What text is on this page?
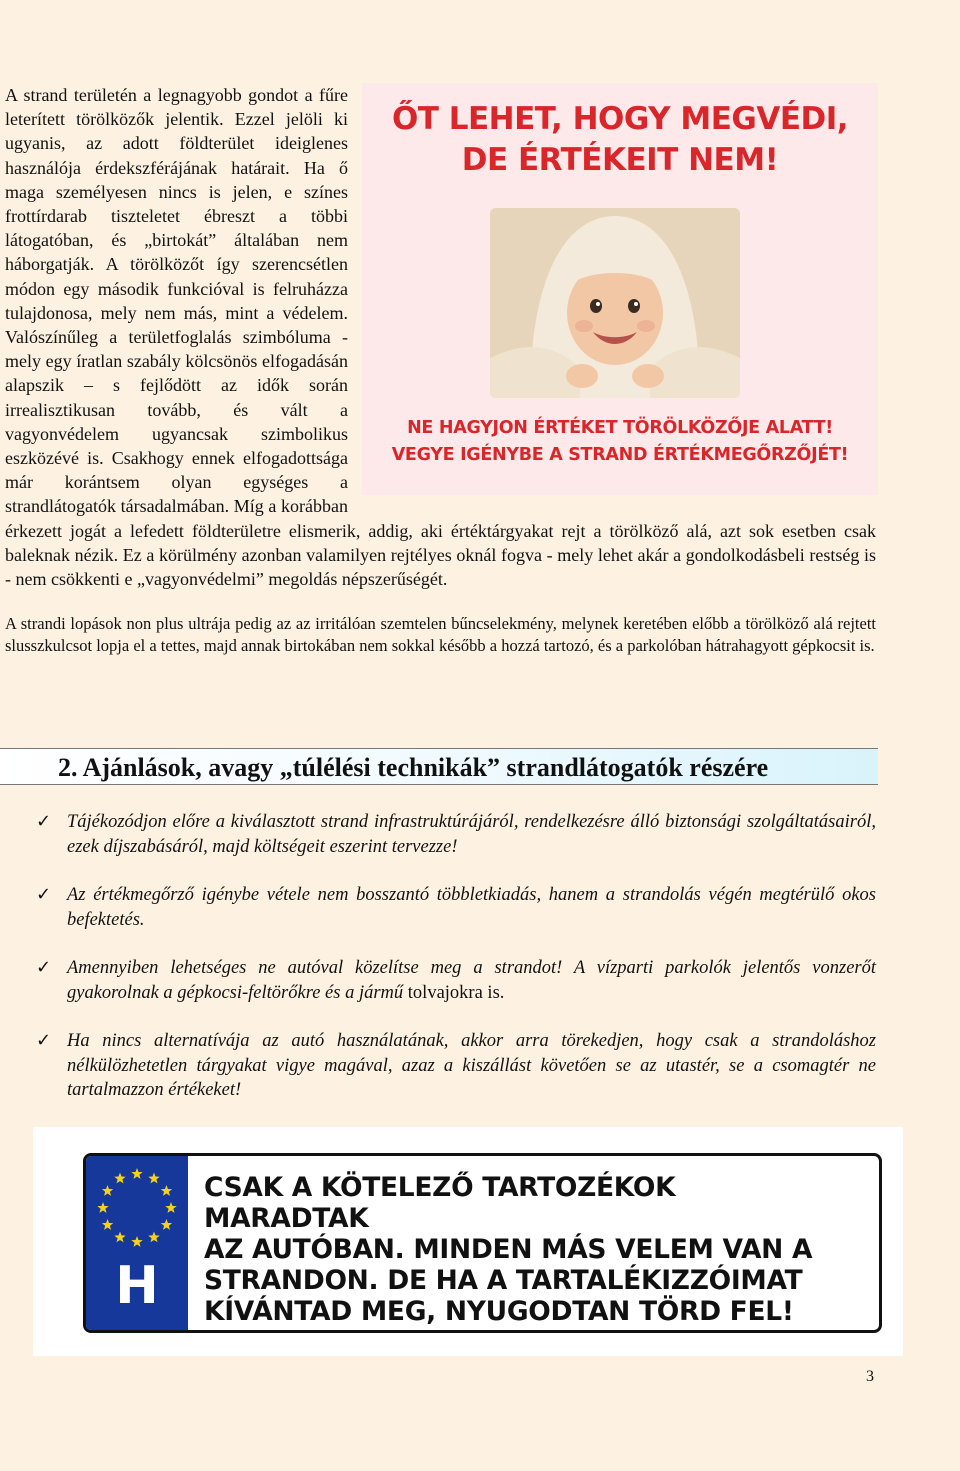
ŐT LEHET, HOGY MEGVÉDI,
DE ÉRTÉKEIT NEM!
NE HAGYJON ÉRTÉKET TÖRÖLKÖZŐJE ALATT!
VEGYE IGÉNYBE A STRAND ÉRTÉKMEGŐRZŐJÉT!

A strand területén a legnagyobb gondot a fűre leterített törölközők jelentik. Ezzel jelöli ki ugyanis, az adott földterület ideiglenes használója érdekszférájának határait. Ha ő maga személyesen nincs is jelen, e színes frottírdarab tiszteletet ébreszt a többi látogatóban, és „birtokát” általában nem háborgatják. A törölközőt így szerencsétlen módon egy második funkcióval is felruházza tulajdonosa, mely nem más, mint a védelem. Valószínűleg a területfoglalás szimbóluma - mely egy íratlan szabály kölcsönös elfogadásán alapszik – s fejlődött az idők során irrealisztikusan tovább, és vált a vagyonvédelem ugyancsak szimbolikus eszközévé is. Csakhogy ennek elfogadottsága már korántsem olyan egységes a strandlátogatók társadalmában. Míg a korábban érkezett jogát a lefedett földterületre elismerik, addig, aki értéktárgyakat rejt a törölköző alá, azt sok esetben csak baleknak nézik. Ez a körülmény azonban valamilyen rejtélyes oknál fogva - mely lehet akár a gondolkodásbeli restség is - nem csökkenti e „vagyonvédelmi” megoldás népszerűségét.

A strandi lopások non plus ultrája pedig az az irritálóan szemtelen bűncselekmény, melynek keretében előbb a törölköző alá rejtett slusszkulcsot lopja el a tettes, majd annak birtokában nem sokkal később a hozzá tartozó, és a parkolóban hátrahagyott gépkocsit is.

2. Ajánlások, avagy „túlélési technikák” strandlátogatók részére
✓ Tájékozódjon előre a kiválasztott strand infrastruktúrájáról, rendelkezésre álló biztonsági szolgáltatásairól, ezek díjszabásáról, majd költségeit eszerint tervezze!
✓ Az értékmegőrző igénybe vétele nem bosszantó többletkiadás, hanem a strandolás végén megtérülő okos befektetés.
✓ Amennyiben lehetséges ne autóval közelítse meg a strandot! A vízparti parkolók jelentős vonzerőt gyakorolnak a gépkocsi-feltörőkre és a jármű tolvajokra is.
✓ Ha nincs alternatívája az autó használatának, akkor arra törekedjen, hogy csak a strandoláshoz nélkülözhetetlen tárgyakat vigye magával, azaz a kiszállást követően se az utastér, se a csomagtér ne tartalmazzon értékeket!
H
CSAK A KÖTELEZŐ TARTOZÉKOK MARADTAK
AZ AUTÓBAN. MINDEN MÁS VELEM VAN A
STRANDON. DE HA A TARTALÉKIZZÓIMAT
KÍVÁNTAD MEG, NYUGODTAN TÖRD FEL!
3
